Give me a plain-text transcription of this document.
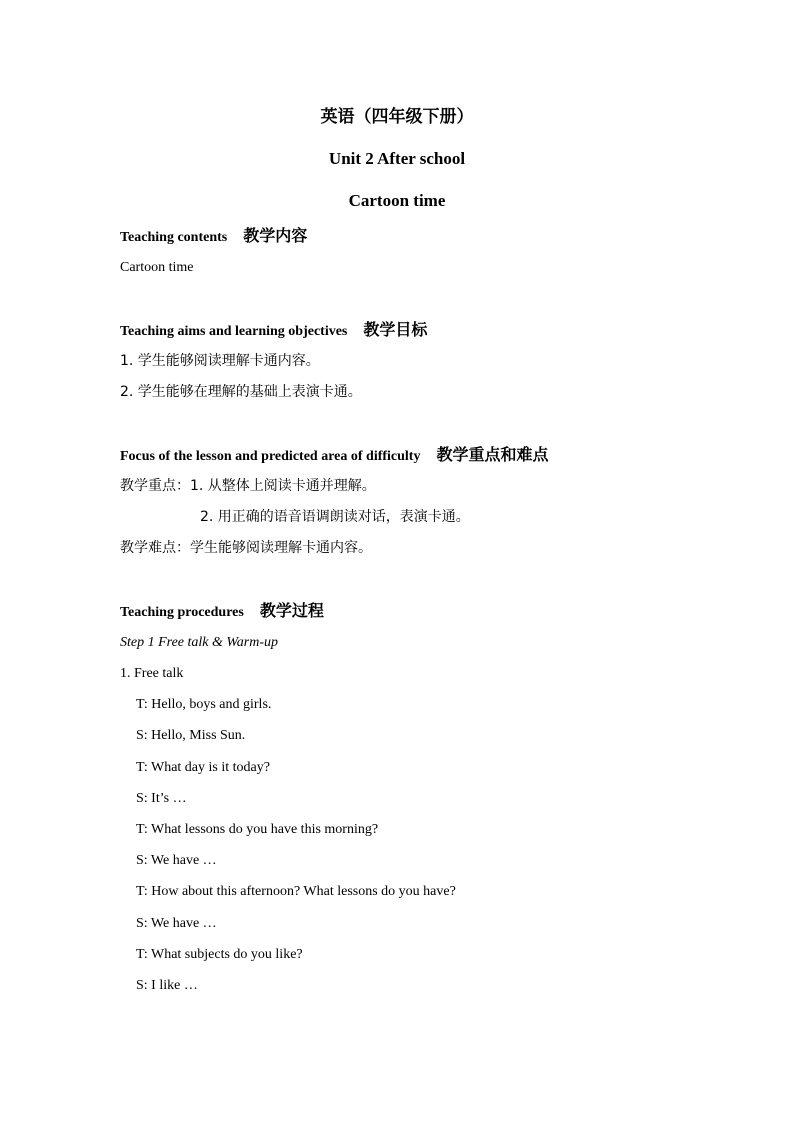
英语（四年级下册）
Unit 2 After school
Cartoon time
Teaching contents 教学内容
Cartoon time
Teaching aims and learning objectives 教学目标
1. 学生能够阅读理解卡通内容。
2. 学生能够在理解的基础上表演卡通。
Focus of the lesson and predicted area of difficulty 教学重点和难点
教学重点：1. 从整体上阅读卡通并理解。
2. 用正确的语音语调朗读对话，表演卡通。
教学难点：学生能够阅读理解卡通内容。
Teaching procedures 教学过程
Step 1 Free talk & Warm-up
1. Free talk
T: Hello, boys and girls.
S: Hello, Miss Sun.
T: What day is it today?
S: It’s …
T: What lessons do you have this morning?
S: We have …
T: How about this afternoon? What lessons do you have?
S: We have …
T: What subjects do you like?
S: I like …
